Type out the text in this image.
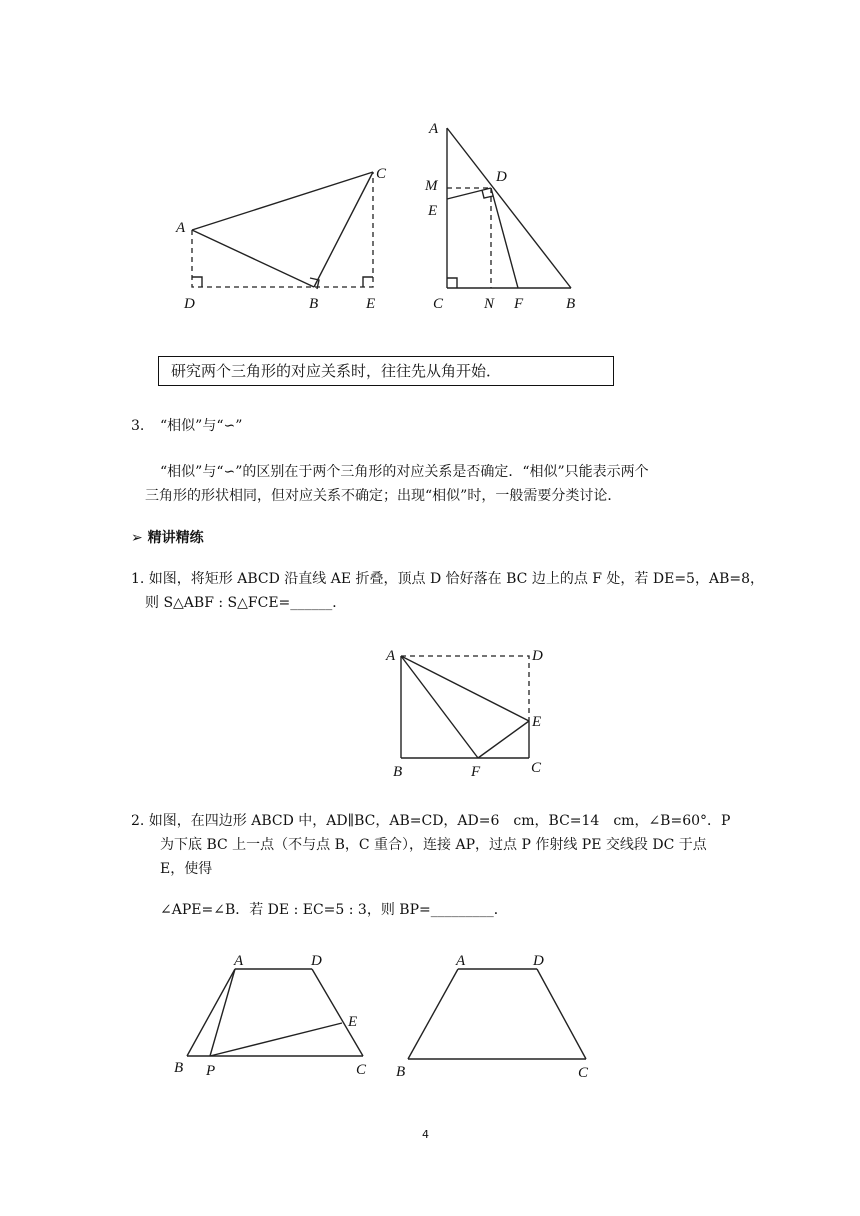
A
C
D	B	E
A
M
D
E
C	N F	B
研究两个三角形的对应关系时，往往先从角开始．
3. “相似”与“∽”
“相似”与“∽”的区别在于两个三角形的对应关系是否确定．“相似”只能表示两个
三角形的形状相同，但对应关系不确定；出现“相似”时，一般需要分类讨论．
➢ 精讲精练
1. 如图，将矩形 ABCD 沿直线 AE 折叠，顶点 D 恰好落在 BC 边上的点 F 处，若 DE=5，AB=8，
则 S△ABF : S△FCE=______．
A	D
E
B	F	C
2. 如图，在四边形 ABCD 中，AD∥BC，AB=CD，AD=6　cm，BC=14　cm，∠B=60°．P
为下底 BC 上一点（不与点 B，C 重合），连接 AP，过点 P 作射线 PE 交线段 DC 于点
E，使得
∠APE=∠B．若 DE : EC=5 : 3，则 BP=_________．
A	D
E
B P	C
A	D
B	C
4
